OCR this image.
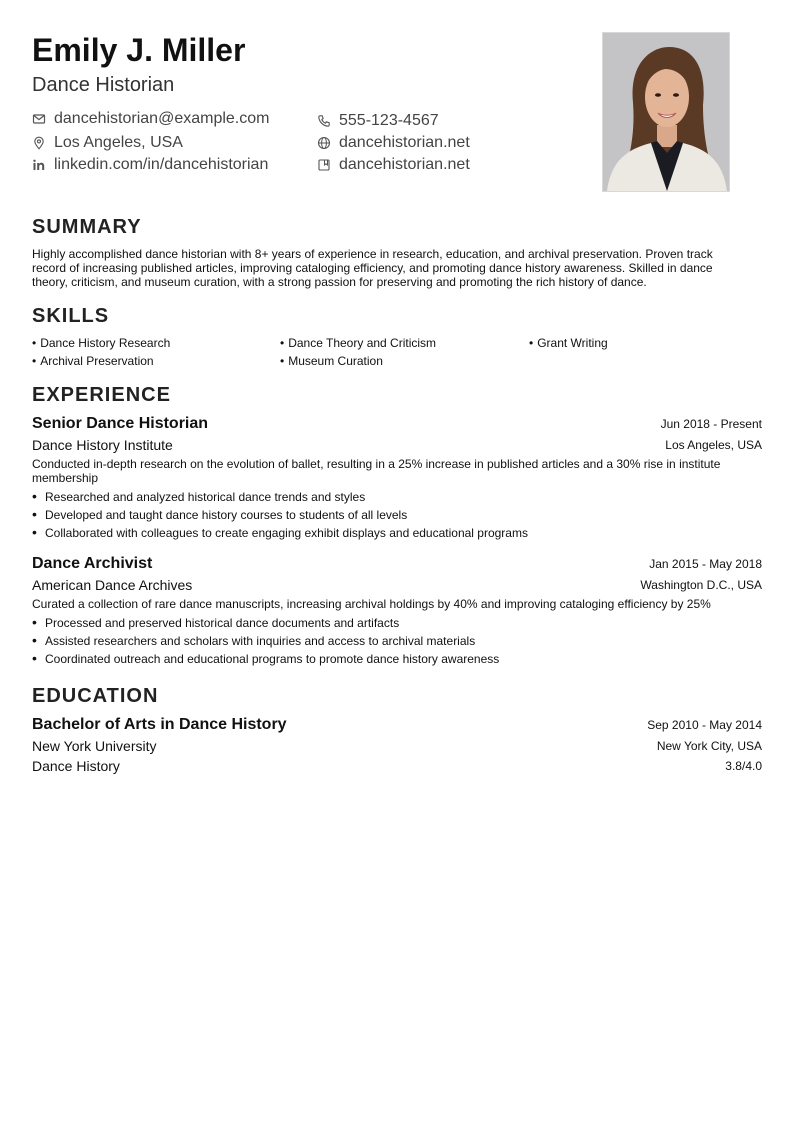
Emily J. Miller
Dance Historian
dancehistorian@example.com	555-123-4567
Los Angeles, USA	dancehistorian.net
linkedin.com/in/dancehistorian	dancehistorian.net
SUMMARY
Highly accomplished dance historian with 8+ years of experience in research, education, and archival preservation. Proven track record of increasing published articles, improving cataloging efficiency, and promoting dance history awareness. Skilled in dance theory, criticism, and museum curation, with a strong passion for preserving and promoting the rich history of dance.
SKILLS
• Dance History Research	• Dance Theory and Criticism	• Grant Writing
• Archival Preservation	• Museum Curation
EXPERIENCE
Senior Dance Historian	Jun 2018 - Present
Dance History Institute	Los Angeles, USA
Conducted in-depth research on the evolution of ballet, resulting in a 25% increase in published articles and a 30% rise in institute membership
• Researched and analyzed historical dance trends and styles
• Developed and taught dance history courses to students of all levels
• Collaborated with colleagues to create engaging exhibit displays and educational programs
Dance Archivist	Jan 2015 - May 2018
American Dance Archives	Washington D.C., USA
Curated a collection of rare dance manuscripts, increasing archival holdings by 40% and improving cataloging efficiency by 25%
• Processed and preserved historical dance documents and artifacts
• Assisted researchers and scholars with inquiries and access to archival materials
• Coordinated outreach and educational programs to promote dance history awareness
EDUCATION
Bachelor of Arts in Dance History	Sep 2010 - May 2014
New York University	New York City, USA
Dance History	3.8/4.0
